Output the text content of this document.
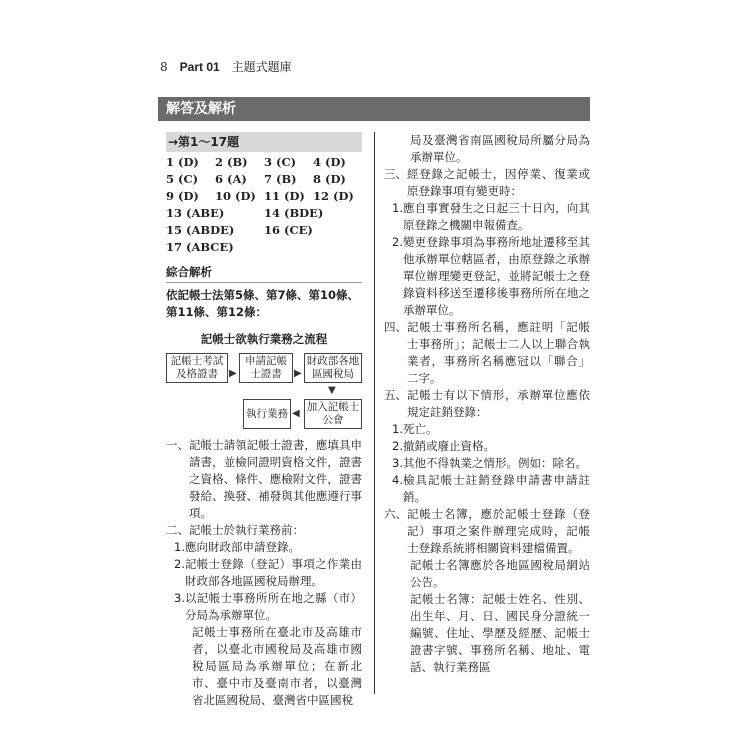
8 Part 01 主題式題庫
解答及解析
→第1～17題
1 (D)	2 (B)	3 (C)	4 (D)
5 (C)	6 (A)	7 (B)	8 (D)
9 (D)	10 (D) 11 (D) 12 (D)
13 (ABE)	14 (BDE)
15 (ABDE)	16 (CE)
17 (ABCE)
綜合解析
依記帳士法第5條、第7條、第10條、第11條、第12條：
記帳士欲執行業務之流程
記帳士考試及格證書	▶
申請記帳士證書	▶
財政部各地區國稅局
▼
加入記帳士公會
◀
執行業務
一、 記帳士請領記帳士證書，應填具申請書，並檢同證明資格文件，證書之資格、條件、應檢附文件，證書發給、換發、補發與其他應遵行事項。
二、 記帳士於執行業務前：
1. 應向財政部申請登錄。
2. 記帳士登錄（登記）事項之作業由財政部各地區國稅局辦理。
3. 以記帳士事務所所在地之縣（市）分局為承辦單位。
記帳士事務所在臺北市及高雄市者，以臺北市國稅局及高雄市國稅局區局為承辦單位；在新北市、臺中市及臺南市者，以臺灣省北區國稅局、臺灣省中區國稅
局及臺灣省南區國稅局所屬分局為承辦單位。
三、 經登錄之記帳士，因停業、復業或原登錄事項有變更時：
1. 應自事實發生之日起三十日內，向其原登錄之機關申報備查。
2. 變更登錄事項為事務所地址遷移至其他承辦單位轄區者，由原登錄之承辦單位辦理變更登記，並將記帳士之登錄資料移送至遷移後事務所所在地之承辦單位。
四、 記帳士事務所名稱，應註明「記帳士事務所」；記帳士二人以上聯合執業者，事務所名稱應冠以「聯合」二字。
五、 記帳士有以下情形，承辦單位應依規定註銷登錄：
1. 死亡。
2. 撤銷或廢止資格。
3. 其他不得執業之情形。例如：除名。
4. 檢具記帳士註銷登錄申請書申請註銷。
六、 記帳士名簿，應於記帳士登錄（登記）事項之案件辦理完成時，記帳士登錄系統將相關資料建檔備置。
記帳士名簿應於各地區國稅局網站公告。
記帳士名簿：記帳士姓名、性別、出生年、月、日、國民身分證統一編號、住址、學歷及經歷、記帳士證書字號、事務所名稱、地址、電話、執行業務區
